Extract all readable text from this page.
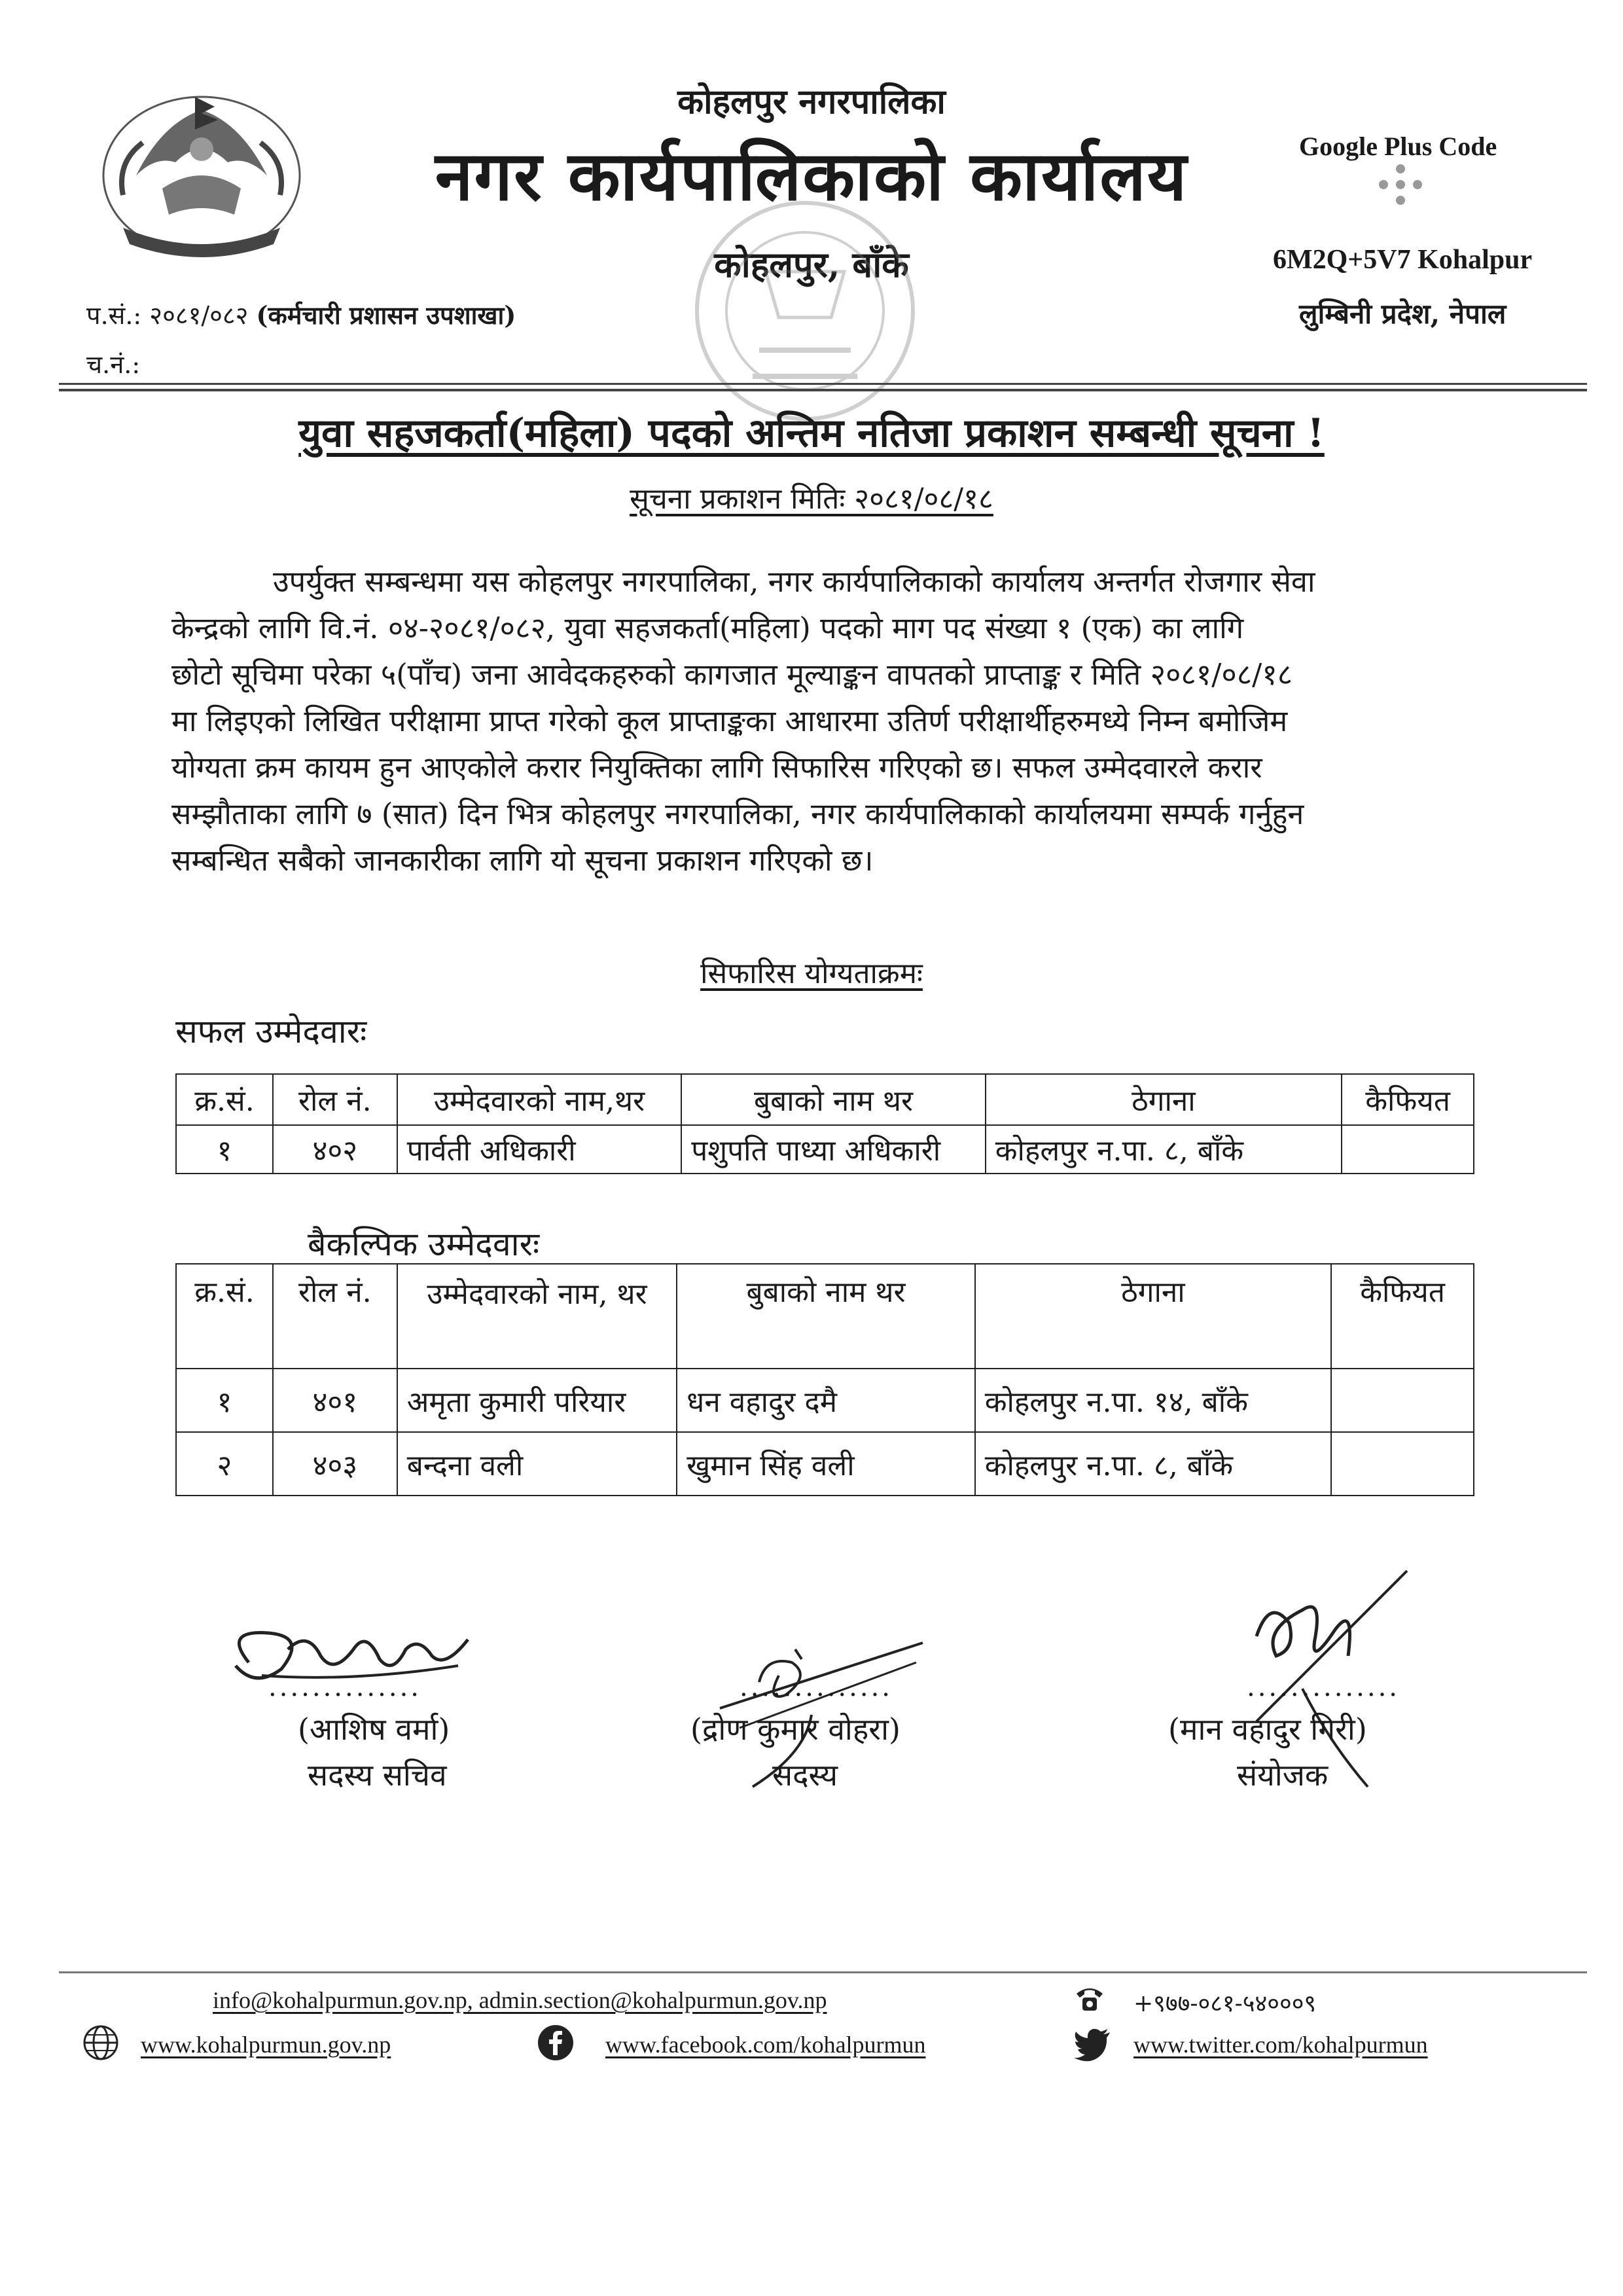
कोहलपुर नगरपालिका
नगर कार्यपालिकाको कार्यालय
कोहलपुर, बाँके
Google Plus Code
6M2Q+5V7 Kohalpur
लुम्बिनी प्रदेश, नेपाल
प.सं.: २०८१/०८२ (कर्मचारी प्रशासन उपशाखा)
च.नं.:
युवा सहजकर्ता(महिला) पदको अन्तिम नतिजा प्रकाशन सम्बन्धी सूचना !
सूचना प्रकाशन मितिः २०८१/०८/१८
उपर्युक्त सम्बन्धमा यस कोहलपुर नगरपालिका, नगर कार्यपालिकाको कार्यालय अन्तर्गत रोजगार सेवा
केन्द्रको लागि वि.नं. ०४-२०८१/०८२, युवा सहजकर्ता(महिला) पदको माग पद संख्या १ (एक) का लागि
छोटो सूचिमा परेका ५(पाँच) जना आवेदकहरुको कागजात मूल्याङ्कन वापतको प्राप्ताङ्क र मिति २०८१/०८/१८
मा लिइएको लिखित परीक्षामा प्राप्त गरेको कूल प्राप्ताङ्कका आधारमा उतिर्ण परीक्षार्थीहरुमध्ये निम्न बमोजिम
योग्यता क्रम कायम हुन आएकोले करार नियुक्तिका लागि सिफारिस गरिएको छ। सफल उम्मेदवारले करार
सम्झौताका लागि ७ (सात) दिन भित्र कोहलपुर नगरपालिका, नगर कार्यपालिकाको कार्यालयमा सम्पर्क गर्नुहुन
सम्बन्धित सबैको जानकारीका लागि यो सूचना प्रकाशन गरिएको छ।
सिफारिस योग्यताक्रमः
सफल उम्मेदवारः
क्र.सं.	रोल नं.	उम्मेदवारको नाम,थर	बुबाको नाम थर	ठेगाना	कैफियत
१	४०२	पार्वती अधिकारी	पशुपति पाध्या अधिकारी	कोहलपुर न.पा. ८, बाँके	
बैकल्पिक उम्मेदवारः
क्र.सं.	रोल नं.	उम्मेदवारको नाम, थर	बुबाको नाम थर	ठेगाना	कैफियत
१	४०१	अमृता कुमारी परियार	धन वहादुर दमै	कोहलपुर न.पा. १४, बाँके	
२	४०३	बन्दना वली	खुमान सिंह वली	कोहलपुर न.पा. ८, बाँके	
..............
(आशिष वर्मा)
सदस्य सचिव
..............
(द्रोण कुमार वोहरा)
सदस्य
..............
(मान वहादुर गिरी)
संयोजक
info@kohalpurmun.gov.np, admin.section@kohalpurmun.gov.np	+९७७-०८१-५४०००९
www.kohalpurmun.gov.np	www.facebook.com/kohalpurmun	www.twitter.com/kohalpurmun
